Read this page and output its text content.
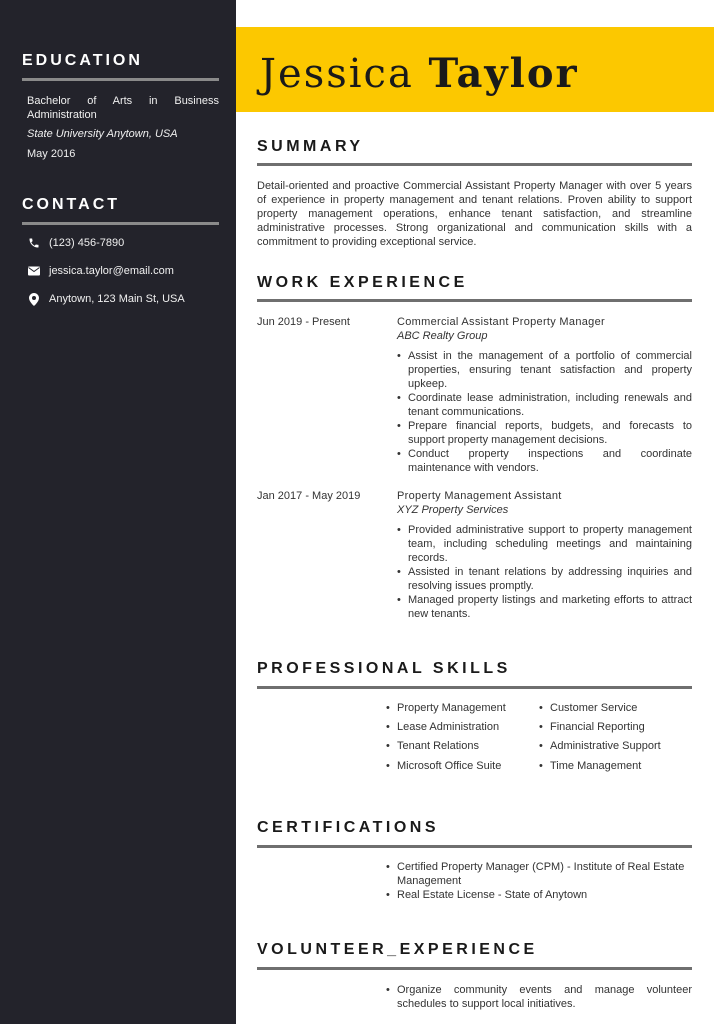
EDUCATION
Bachelor of Arts in Business Administration
State University Anytown, USA
May 2016
CONTACT
(123) 456-7890
jessica.taylor@email.com
Anytown, 123 Main St, USA
Jessica Taylor
SUMMARY
Detail-oriented and proactive Commercial Assistant Property Manager with over 5 years of experience in property management and tenant relations. Proven ability to support property management operations, enhance tenant satisfaction, and streamline administrative processes. Strong organizational and communication skills with a commitment to providing exceptional service.
WORK EXPERIENCE
Jun 2019 - Present	Commercial Assistant Property Manager
ABC Realty Group
• Assist in the management of a portfolio of commercial properties, ensuring tenant satisfaction and property upkeep.
• Coordinate lease administration, including renewals and tenant communications.
• Prepare financial reports, budgets, and forecasts to support property management decisions.
• Conduct property inspections and coordinate maintenance with vendors.
Jan 2017 - May 2019	Property Management Assistant
XYZ Property Services
• Provided administrative support to property management team, including scheduling meetings and maintaining records.
• Assisted in tenant relations by addressing inquiries and resolving issues promptly.
• Managed property listings and marketing efforts to attract new tenants.
PROFESSIONAL SKILLS
• Property Management	• Customer Service
• Lease Administration	• Financial Reporting
• Tenant Relations	• Administrative Support
• Microsoft Office Suite	• Time Management
CERTIFICATIONS
• Certified Property Manager (CPM) - Institute of Real Estate Management
• Real Estate License - State of Anytown
VOLUNTEER_EXPERIENCE
• Organize community events and manage volunteer schedules to support local initiatives.
